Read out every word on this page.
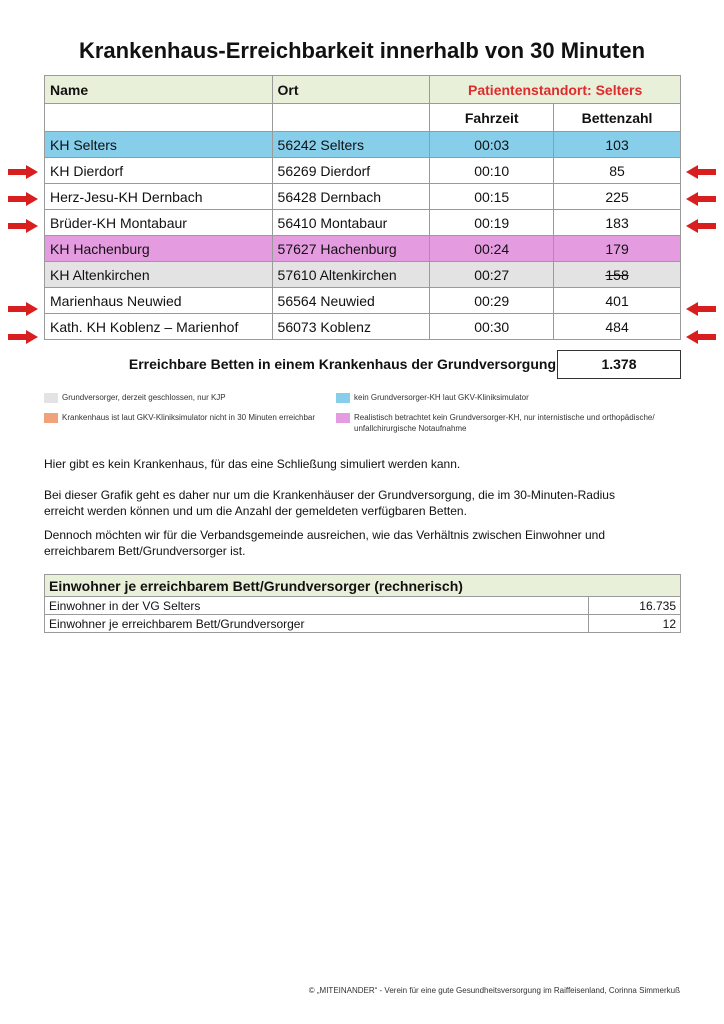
Krankenhaus-Erreichbarkeit innerhalb von 30 Minuten
Name	Ort	Patientenstandort: Selters	
		Fahrzeit	Bettenzahl
KH Selters	56242 Selters	00:03	103
KH Dierdorf	56269 Dierdorf	00:10	85
Herz-Jesu-KH Dernbach	56428 Dernbach	00:15	225
Brüder-KH Montabaur	56410 Montabaur	00:19	183
KH Hachenburg	57627 Hachenburg	00:24	179
KH Altenkirchen	57610 Altenkirchen	00:27	158
Marienhaus Neuwied	56564 Neuwied	00:29	401
Kath. KH Koblenz – Marienhof	56073 Koblenz	00:30	484
Erreichbare Betten in einem Krankenhaus der Grundversorgung	1.378
Grundversorger, derzeit geschlossen, nur KJP	kein Grundversorger-KH laut GKV-Kliniksimulator
Krankenhaus ist laut GKV-Kliniksimulator nicht in 30 Minuten erreichbar	Realistisch betrachtet kein Grundversorger-KH, nur internistische und orthopädische/
unfallchirurgische Notaufnahme
Hier gibt es kein Krankenhaus, für das eine Schließung simuliert werden kann.
Bei dieser Grafik geht es daher nur um die Krankenhäuser der Grundversorgung, die im 30-Minuten-Radius
erreicht werden können und um die Anzahl der gemeldeten verfügbaren Betten.
Dennoch möchten wir für die Verbandsgemeinde ausreichen, wie das Verhältnis zwischen Einwohner und
erreichbarem Bett/Grundversorger ist.
Einwohner je erreichbarem Bett/Grundversorger (rechnerisch)	
Einwohner in der VG Selters	16.735
Einwohner je erreichbarem Bett/Grundversorger	12
© „MITEINANDER“ - Verein für eine gute Gesundheitsversorgung im Raiffeisenland, Corinna Simmerkuß
